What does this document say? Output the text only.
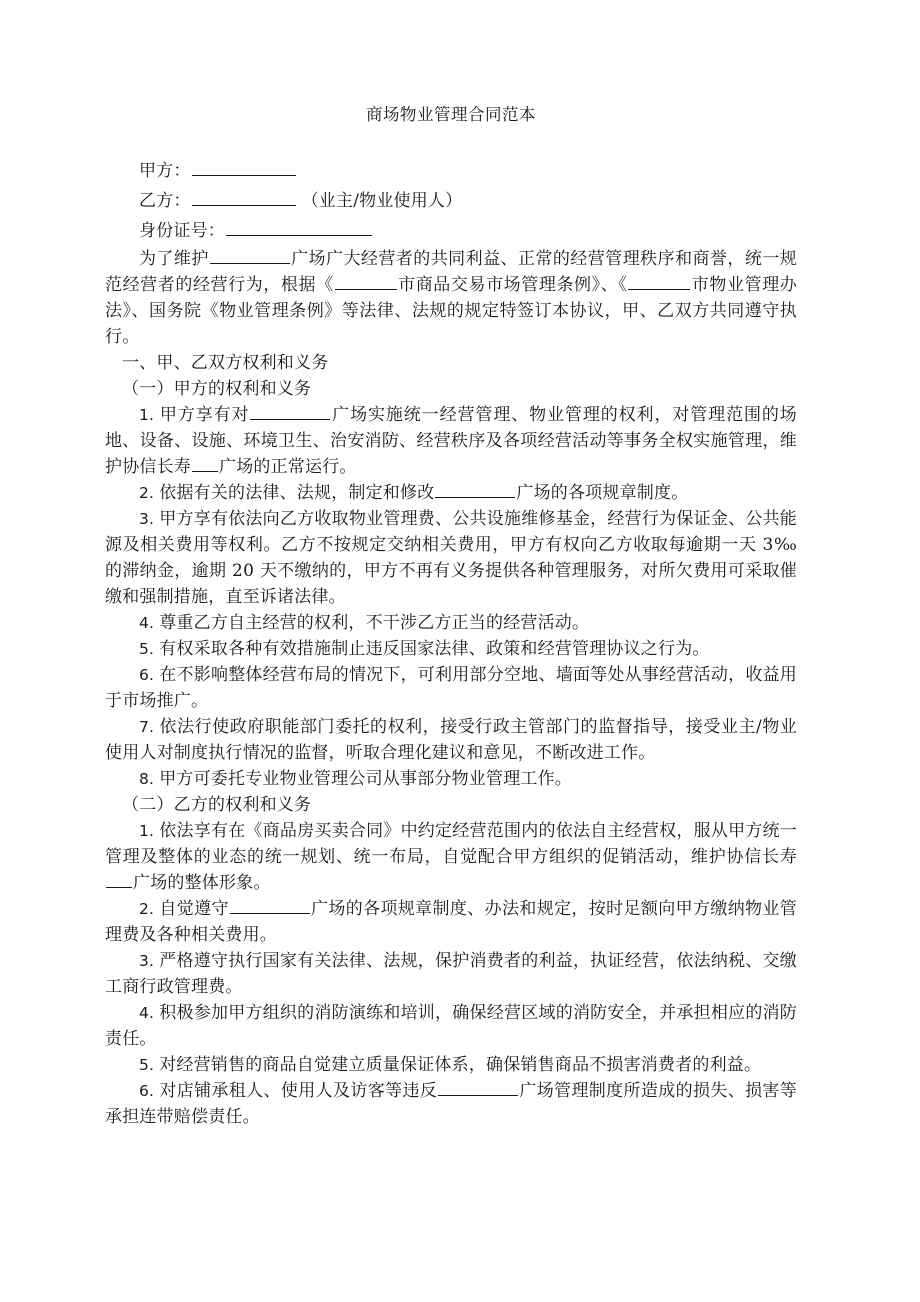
商场物业管理合同范本

甲方：

乙方：	（业主/物业使用人）

身份证号：

为了维护	广场广大经营者的共同利益、正常的经营管理秩序和商誉，统一规范经营者的经营行为，根据《	市商品交易市场管理条例》、《	市物业管理办法》、国务院《物业管理条例》等法律、法规的规定特签订本协议，甲、乙双方共同遵守执行。

一、甲、乙双方权利和义务

（一）甲方的权利和义务

1. 甲方享有对	广场实施统一经营管理、物业管理的权利，对管理范围的场地、设备、设施、环境卫生、治安消防、经营秩序及各项经营活动等事务全权实施管理，维护协信长寿 广场的正常运行。

2. 依据有关的法律、法规，制定和修改	广场的各项规章制度。

3. 甲方享有依法向乙方收取物业管理费、公共设施维修基金，经营行为保证金、公共能源及相关费用等权利。乙方不按规定交纳相关费用，甲方有权向乙方收取每逾期一天 3‰ 的滞纳金，逾期 20 天不缴纳的，甲方不再有义务提供各种管理服务，对所欠费用可采取催缴和强制措施，直至诉诸法律。

4. 尊重乙方自主经营的权利，不干涉乙方正当的经营活动。

5. 有权采取各种有效措施制止违反国家法律、政策和经营管理协议之行为。

6. 在不影响整体经营布局的情况下，可利用部分空地、墙面等处从事经营活动，收益用于市场推广。

7. 依法行使政府职能部门委托的权利，接受行政主管部门的监督指导，接受业主/物业使用人对制度执行情况的监督，听取合理化建议和意见，不断改进工作。

8. 甲方可委托专业物业管理公司从事部分物业管理工作。

（二）乙方的权利和义务

1. 依法享有在《商品房买卖合同》中约定经营范围内的依法自主经营权，服从甲方统一管理及整体的业态的统一规划、统一布局，自觉配合甲方组织的促销活动，维护协信长寿广场的整体形象。

2. 自觉遵守	广场的各项规章制度、办法和规定，按时足额向甲方缴纳物业管理费及各种相关费用。

3. 严格遵守执行国家有关法律、法规，保护消费者的利益，执证经营，依法纳税、交缴工商行政管理费。

4. 积极参加甲方组织的消防演练和培训，确保经营区域的消防安全，并承担相应的消防责任。

5. 对经营销售的商品自觉建立质量保证体系，确保销售商品不损害消费者的利益。

6. 对店铺承租人、使用人及访客等违反	广场管理制度所造成的损失、损害等承担连带赔偿责任。
